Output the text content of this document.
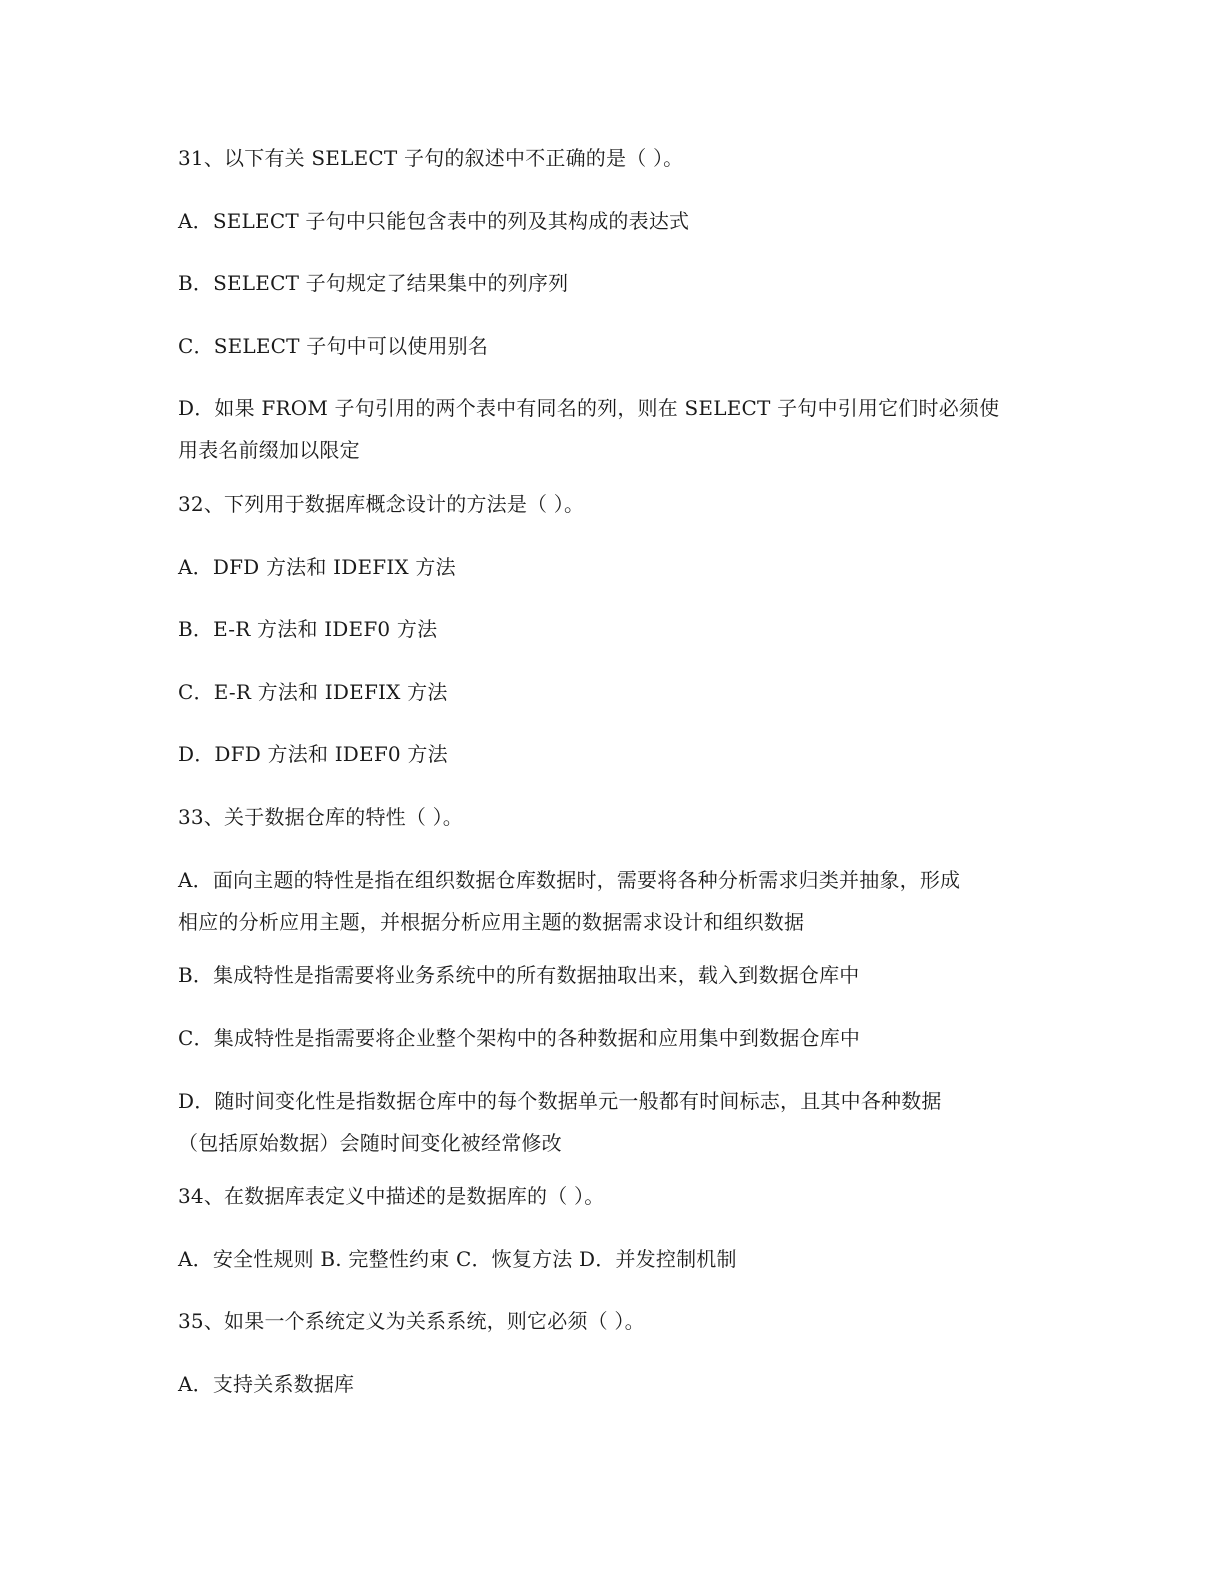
31、以下有关 SELECT 子句的叙述中不正确的是（ ）。
A．SELECT 子句中只能包含表中的列及其构成的表达式
B．SELECT 子句规定了结果集中的列序列
C．SELECT 子句中可以使用别名
D．如果 FROM 子句引用的两个表中有同名的列，则在 SELECT 子句中引用它们时必须使
用表名前缀加以限定
32、下列用于数据库概念设计的方法是（ ）。
A．DFD 方法和 IDEFIX 方法
B．E-R 方法和 IDEF0 方法
C．E-R 方法和 IDEFIX 方法
D．DFD 方法和 IDEF0 方法
33、关于数据仓库的特性（ ）。
A．面向主题的特性是指在组织数据仓库数据时，需要将各种分析需求归类并抽象，形成
相应的分析应用主题，并根据分析应用主题的数据需求设计和组织数据
B．集成特性是指需要将业务系统中的所有数据抽取出来，载入到数据仓库中
C．集成特性是指需要将企业整个架构中的各种数据和应用集中到数据仓库中
D．随时间变化性是指数据仓库中的每个数据单元一般都有时间标志，且其中各种数据
（包括原始数据）会随时间变化被经常修改
34、在数据库表定义中描述的是数据库的（ ）。
A．安全性规则 B. 完整性约束 C．恢复方法 D．并发控制机制
35、如果一个系统定义为关系系统，则它必须（ ）。
A．支持关系数据库
